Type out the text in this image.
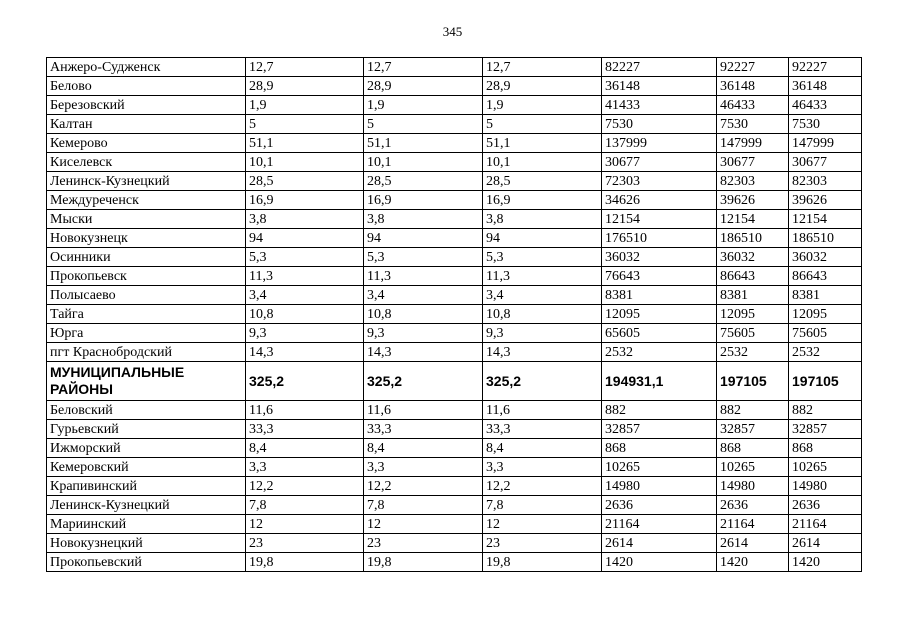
345
Анжеро-Судженск	12,7	12,7	12,7	82227	92227	92227
Белово	28,9	28,9	28,9	36148	36148	36148
Березовский	1,9	1,9	1,9	41433	46433	46433
Калтан	5	5	5	7530	7530	7530
Кемерово	51,1	51,1	51,1	137999	147999	147999
Киселевск	10,1	10,1	10,1	30677	30677	30677
Ленинск-Кузнецкий	28,5	28,5	28,5	72303	82303	82303
Междуреченск	16,9	16,9	16,9	34626	39626	39626
Мыски	3,8	3,8	3,8	12154	12154	12154
Новокузнецк	94	94	94	176510	186510	186510
Осинники	5,3	5,3	5,3	36032	36032	36032
Прокопьевск	11,3	11,3	11,3	76643	86643	86643
Полысаево	3,4	3,4	3,4	8381	8381	8381
Тайга	10,8	10,8	10,8	12095	12095	12095
Юрга	9,3	9,3	9,3	65605	75605	75605
пгт Краснобродский	14,3	14,3	14,3	2532	2532	2532
МУНИЦИПАЛЬНЫЕ РАЙОНЫ	325,2	325,2	325,2	194931,1	197105	197105
Беловский	11,6	11,6	11,6	882	882	882
Гурьевский	33,3	33,3	33,3	32857	32857	32857
Ижморский	8,4	8,4	8,4	868	868	868
Кемеровский	3,3	3,3	3,3	10265	10265	10265
Крапивинский	12,2	12,2	12,2	14980	14980	14980
Ленинск-Кузнецкий	7,8	7,8	7,8	2636	2636	2636
Мариинский	12	12	12	21164	21164	21164
Новокузнецкий	23	23	23	2614	2614	2614
Прокопьевский	19,8	19,8	19,8	1420	1420	1420
